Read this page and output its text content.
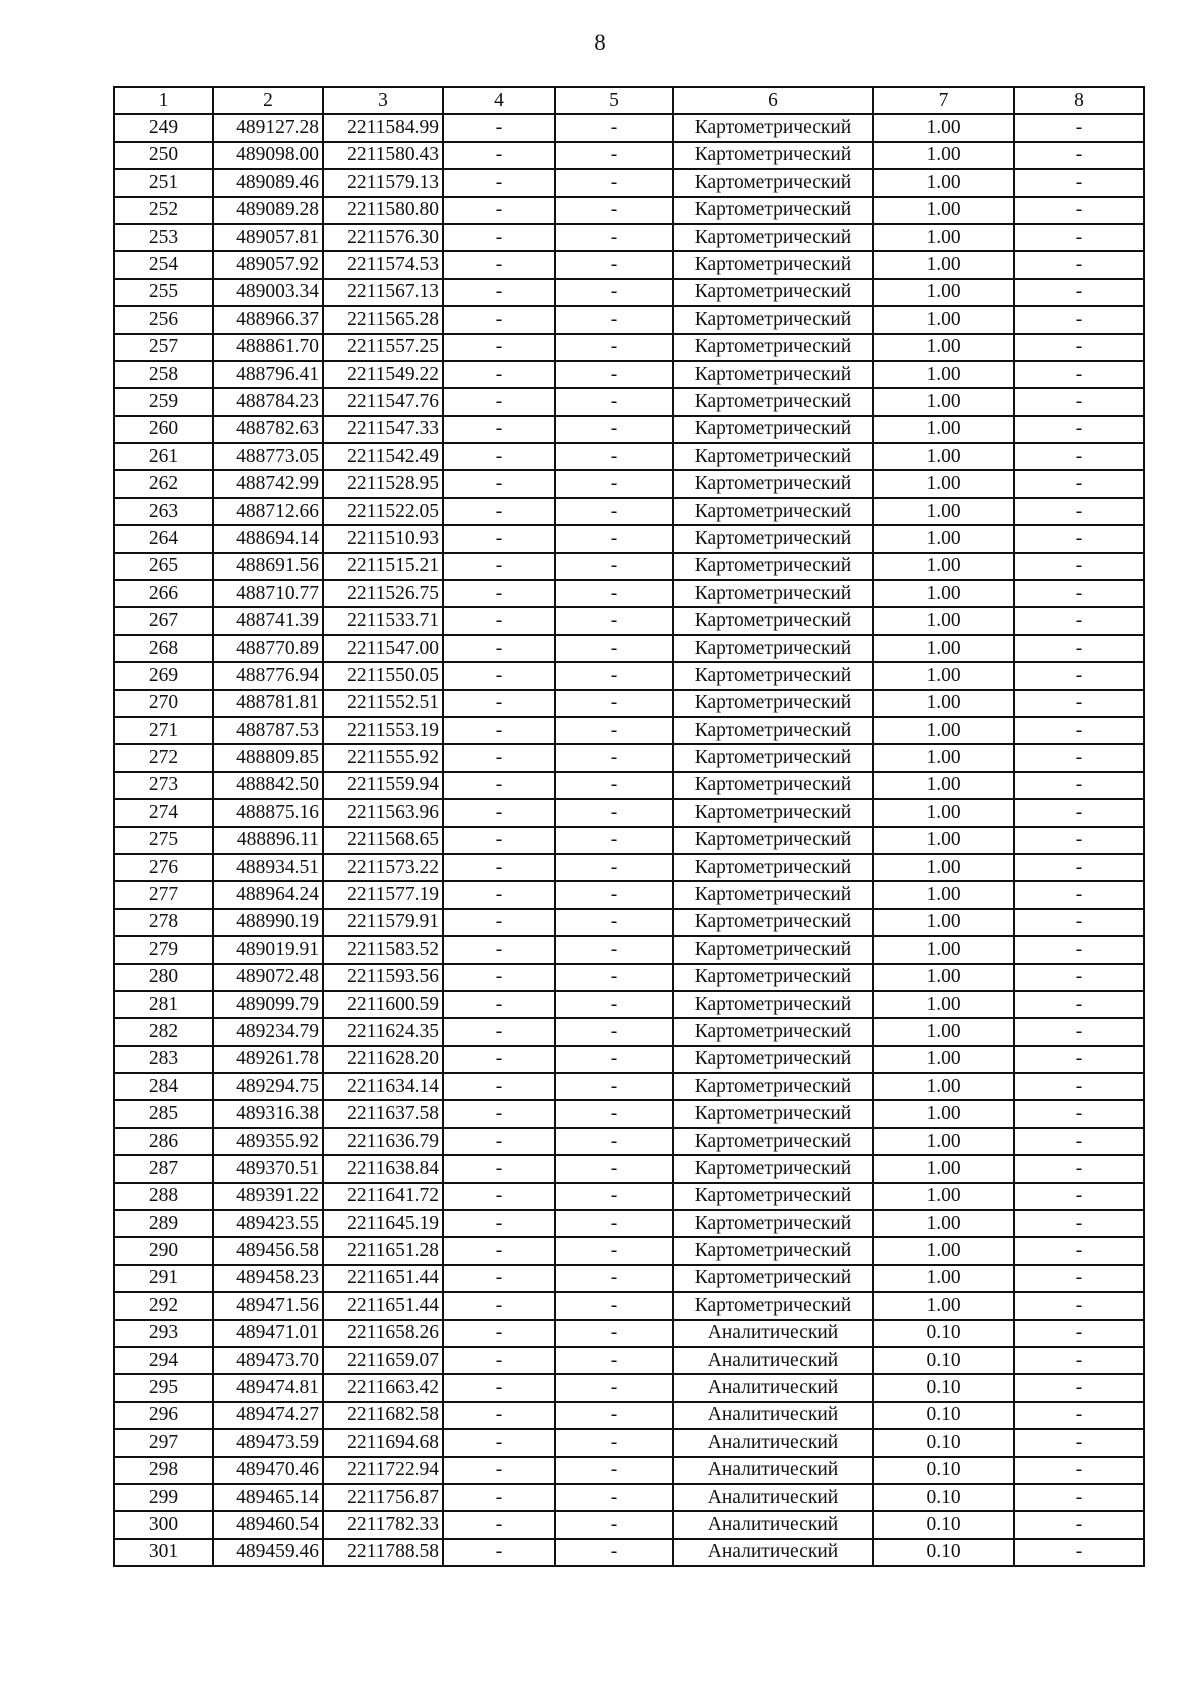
8
1	2	3	4	5	6	7	8
249	489127.28	2211584.99	-	-	Картометрический	1.00	-
250	489098.00	2211580.43	-	-	Картометрический	1.00	-
251	489089.46	2211579.13	-	-	Картометрический	1.00	-
252	489089.28	2211580.80	-	-	Картометрический	1.00	-
253	489057.81	2211576.30	-	-	Картометрический	1.00	-
254	489057.92	2211574.53	-	-	Картометрический	1.00	-
255	489003.34	2211567.13	-	-	Картометрический	1.00	-
256	488966.37	2211565.28	-	-	Картометрический	1.00	-
257	488861.70	2211557.25	-	-	Картометрический	1.00	-
258	488796.41	2211549.22	-	-	Картометрический	1.00	-
259	488784.23	2211547.76	-	-	Картометрический	1.00	-
260	488782.63	2211547.33	-	-	Картометрический	1.00	-
261	488773.05	2211542.49	-	-	Картометрический	1.00	-
262	488742.99	2211528.95	-	-	Картометрический	1.00	-
263	488712.66	2211522.05	-	-	Картометрический	1.00	-
264	488694.14	2211510.93	-	-	Картометрический	1.00	-
265	488691.56	2211515.21	-	-	Картометрический	1.00	-
266	488710.77	2211526.75	-	-	Картометрический	1.00	-
267	488741.39	2211533.71	-	-	Картометрический	1.00	-
268	488770.89	2211547.00	-	-	Картометрический	1.00	-
269	488776.94	2211550.05	-	-	Картометрический	1.00	-
270	488781.81	2211552.51	-	-	Картометрический	1.00	-
271	488787.53	2211553.19	-	-	Картометрический	1.00	-
272	488809.85	2211555.92	-	-	Картометрический	1.00	-
273	488842.50	2211559.94	-	-	Картометрический	1.00	-
274	488875.16	2211563.96	-	-	Картометрический	1.00	-
275	488896.11	2211568.65	-	-	Картометрический	1.00	-
276	488934.51	2211573.22	-	-	Картометрический	1.00	-
277	488964.24	2211577.19	-	-	Картометрический	1.00	-
278	488990.19	2211579.91	-	-	Картометрический	1.00	-
279	489019.91	2211583.52	-	-	Картометрический	1.00	-
280	489072.48	2211593.56	-	-	Картометрический	1.00	-
281	489099.79	2211600.59	-	-	Картометрический	1.00	-
282	489234.79	2211624.35	-	-	Картометрический	1.00	-
283	489261.78	2211628.20	-	-	Картометрический	1.00	-
284	489294.75	2211634.14	-	-	Картометрический	1.00	-
285	489316.38	2211637.58	-	-	Картометрический	1.00	-
286	489355.92	2211636.79	-	-	Картометрический	1.00	-
287	489370.51	2211638.84	-	-	Картометрический	1.00	-
288	489391.22	2211641.72	-	-	Картометрический	1.00	-
289	489423.55	2211645.19	-	-	Картометрический	1.00	-
290	489456.58	2211651.28	-	-	Картометрический	1.00	-
291	489458.23	2211651.44	-	-	Картометрический	1.00	-
292	489471.56	2211651.44	-	-	Картометрический	1.00	-
293	489471.01	2211658.26	-	-	Аналитический	0.10	-
294	489473.70	2211659.07	-	-	Аналитический	0.10	-
295	489474.81	2211663.42	-	-	Аналитический	0.10	-
296	489474.27	2211682.58	-	-	Аналитический	0.10	-
297	489473.59	2211694.68	-	-	Аналитический	0.10	-
298	489470.46	2211722.94	-	-	Аналитический	0.10	-
299	489465.14	2211756.87	-	-	Аналитический	0.10	-
300	489460.54	2211782.33	-	-	Аналитический	0.10	-
301	489459.46	2211788.58	-	-	Аналитический	0.10	-
